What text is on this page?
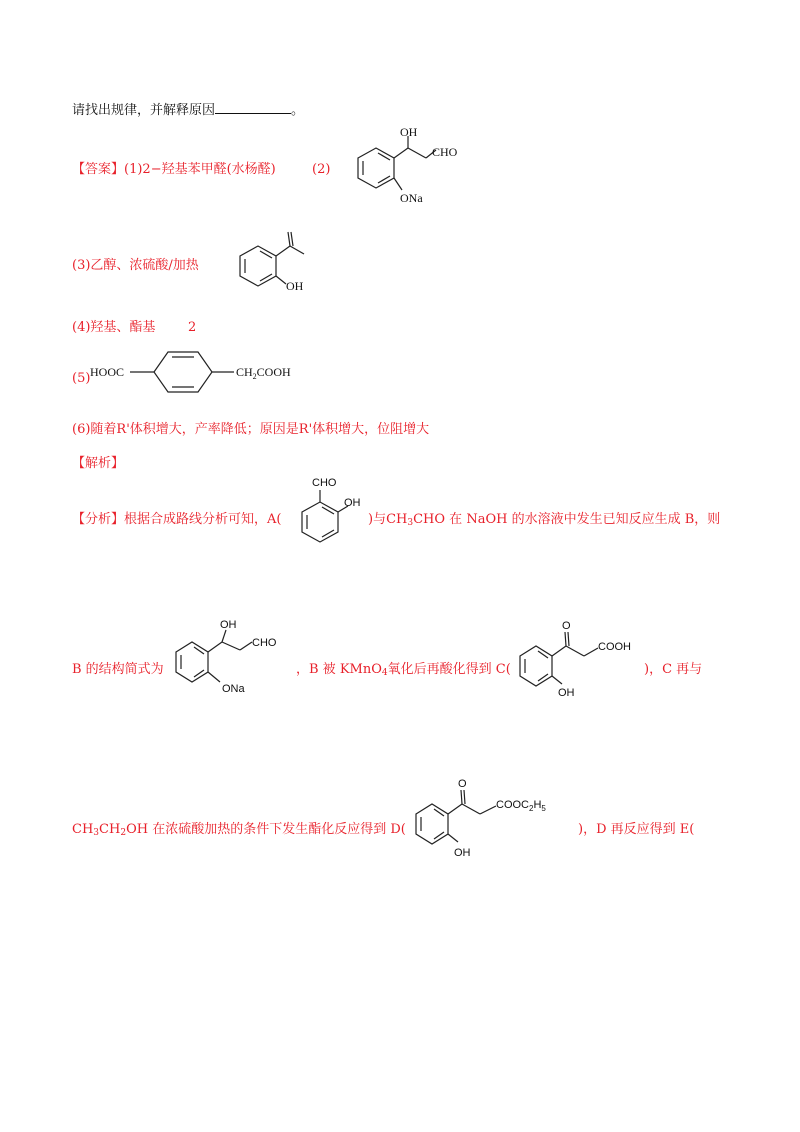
请找出规律，并解释原因	。
【答案】(1)2−羟基苯甲醛(水杨醛)	(2)
OH
CHO
ONa
(3)乙醇、浓硫酸/加热
OH
(4)羟基、酯基	2
(5) HOOC	$CH_2COOH$
(6)随着R'体积增大，产率降低；原因是R'体积增大，位阻增大
【解析】
【分析】根据合成路线分析可知，A(
CHO
OH
)与$CH_3CHO$ 在 NaOH 的水溶液中发生已知反应生成 B，则
B 的结构简式为
OH
CHO
ONa
，B 被 KMnO$_4$氧化后再酸化得到 C(
O
COOH
OH
)，C 再与
$CH_3CH_2OH$ 在浓硫酸加热的条件下发生酯化反应得到 D(
O
$COOC_2H_5$
OH
)，D 再反应得到 E(
